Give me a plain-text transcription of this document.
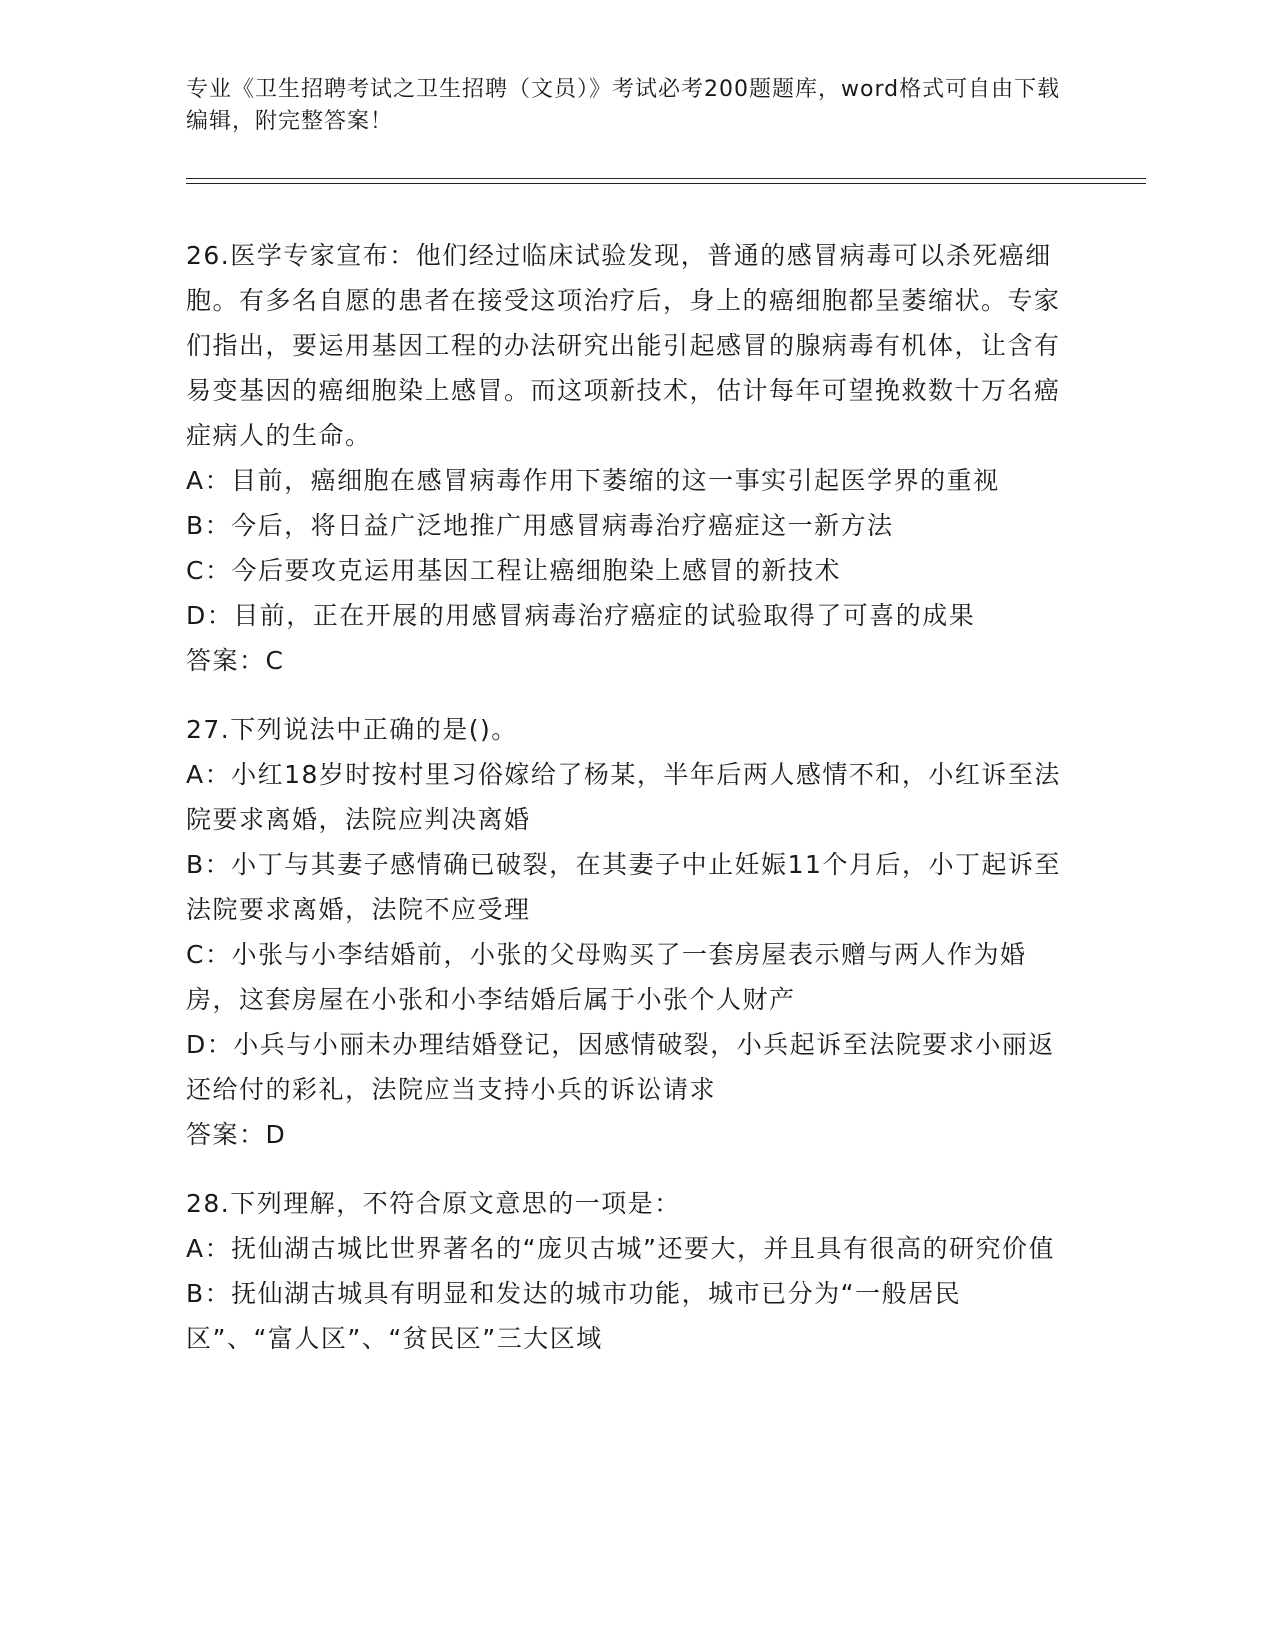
专业《卫生招聘考试之卫生招聘（文员）》考试必考200题题库，word格式可自由下载编辑，附完整答案！

26.医学专家宣布：他们经过临床试验发现，普通的感冒病毒可以杀死癌细胞。有多名自愿的患者在接受这项治疗后，身上的癌细胞都呈萎缩状。专家们指出，要运用基因工程的办法研究出能引起感冒的腺病毒有机体，让含有易变基因的癌细胞染上感冒。而这项新技术，估计每年可望挽救数十万名癌症病人的生命。

A：目前，癌细胞在感冒病毒作用下萎缩的这一事实引起医学界的重视

B：今后，将日益广泛地推广用感冒病毒治疗癌症这一新方法

C：今后要攻克运用基因工程让癌细胞染上感冒的新技术

D：目前，正在开展的用感冒病毒治疗癌症的试验取得了可喜的成果

答案：C

27.下列说法中正确的是()。

A：小红18岁时按村里习俗嫁给了杨某，半年后两人感情不和，小红诉至法院要求离婚，法院应判决离婚

B：小丁与其妻子感情确已破裂，在其妻子中止妊娠11个月后，小丁起诉至法院要求离婚，法院不应受理

C：小张与小李结婚前，小张的父母购买了一套房屋表示赠与两人作为婚房，这套房屋在小张和小李结婚后属于小张个人财产

D：小兵与小丽未办理结婚登记，因感情破裂，小兵起诉至法院要求小丽返还给付的彩礼，法院应当支持小兵的诉讼请求

答案：D

28.下列理解，不符合原文意思的一项是：

A：抚仙湖古城比世界著名的“庞贝古城”还要大，并且具有很高的研究价值

B：抚仙湖古城具有明显和发达的城市功能，城市已分为“一般居民区”、“富人区”、“贫民区”三大区域
